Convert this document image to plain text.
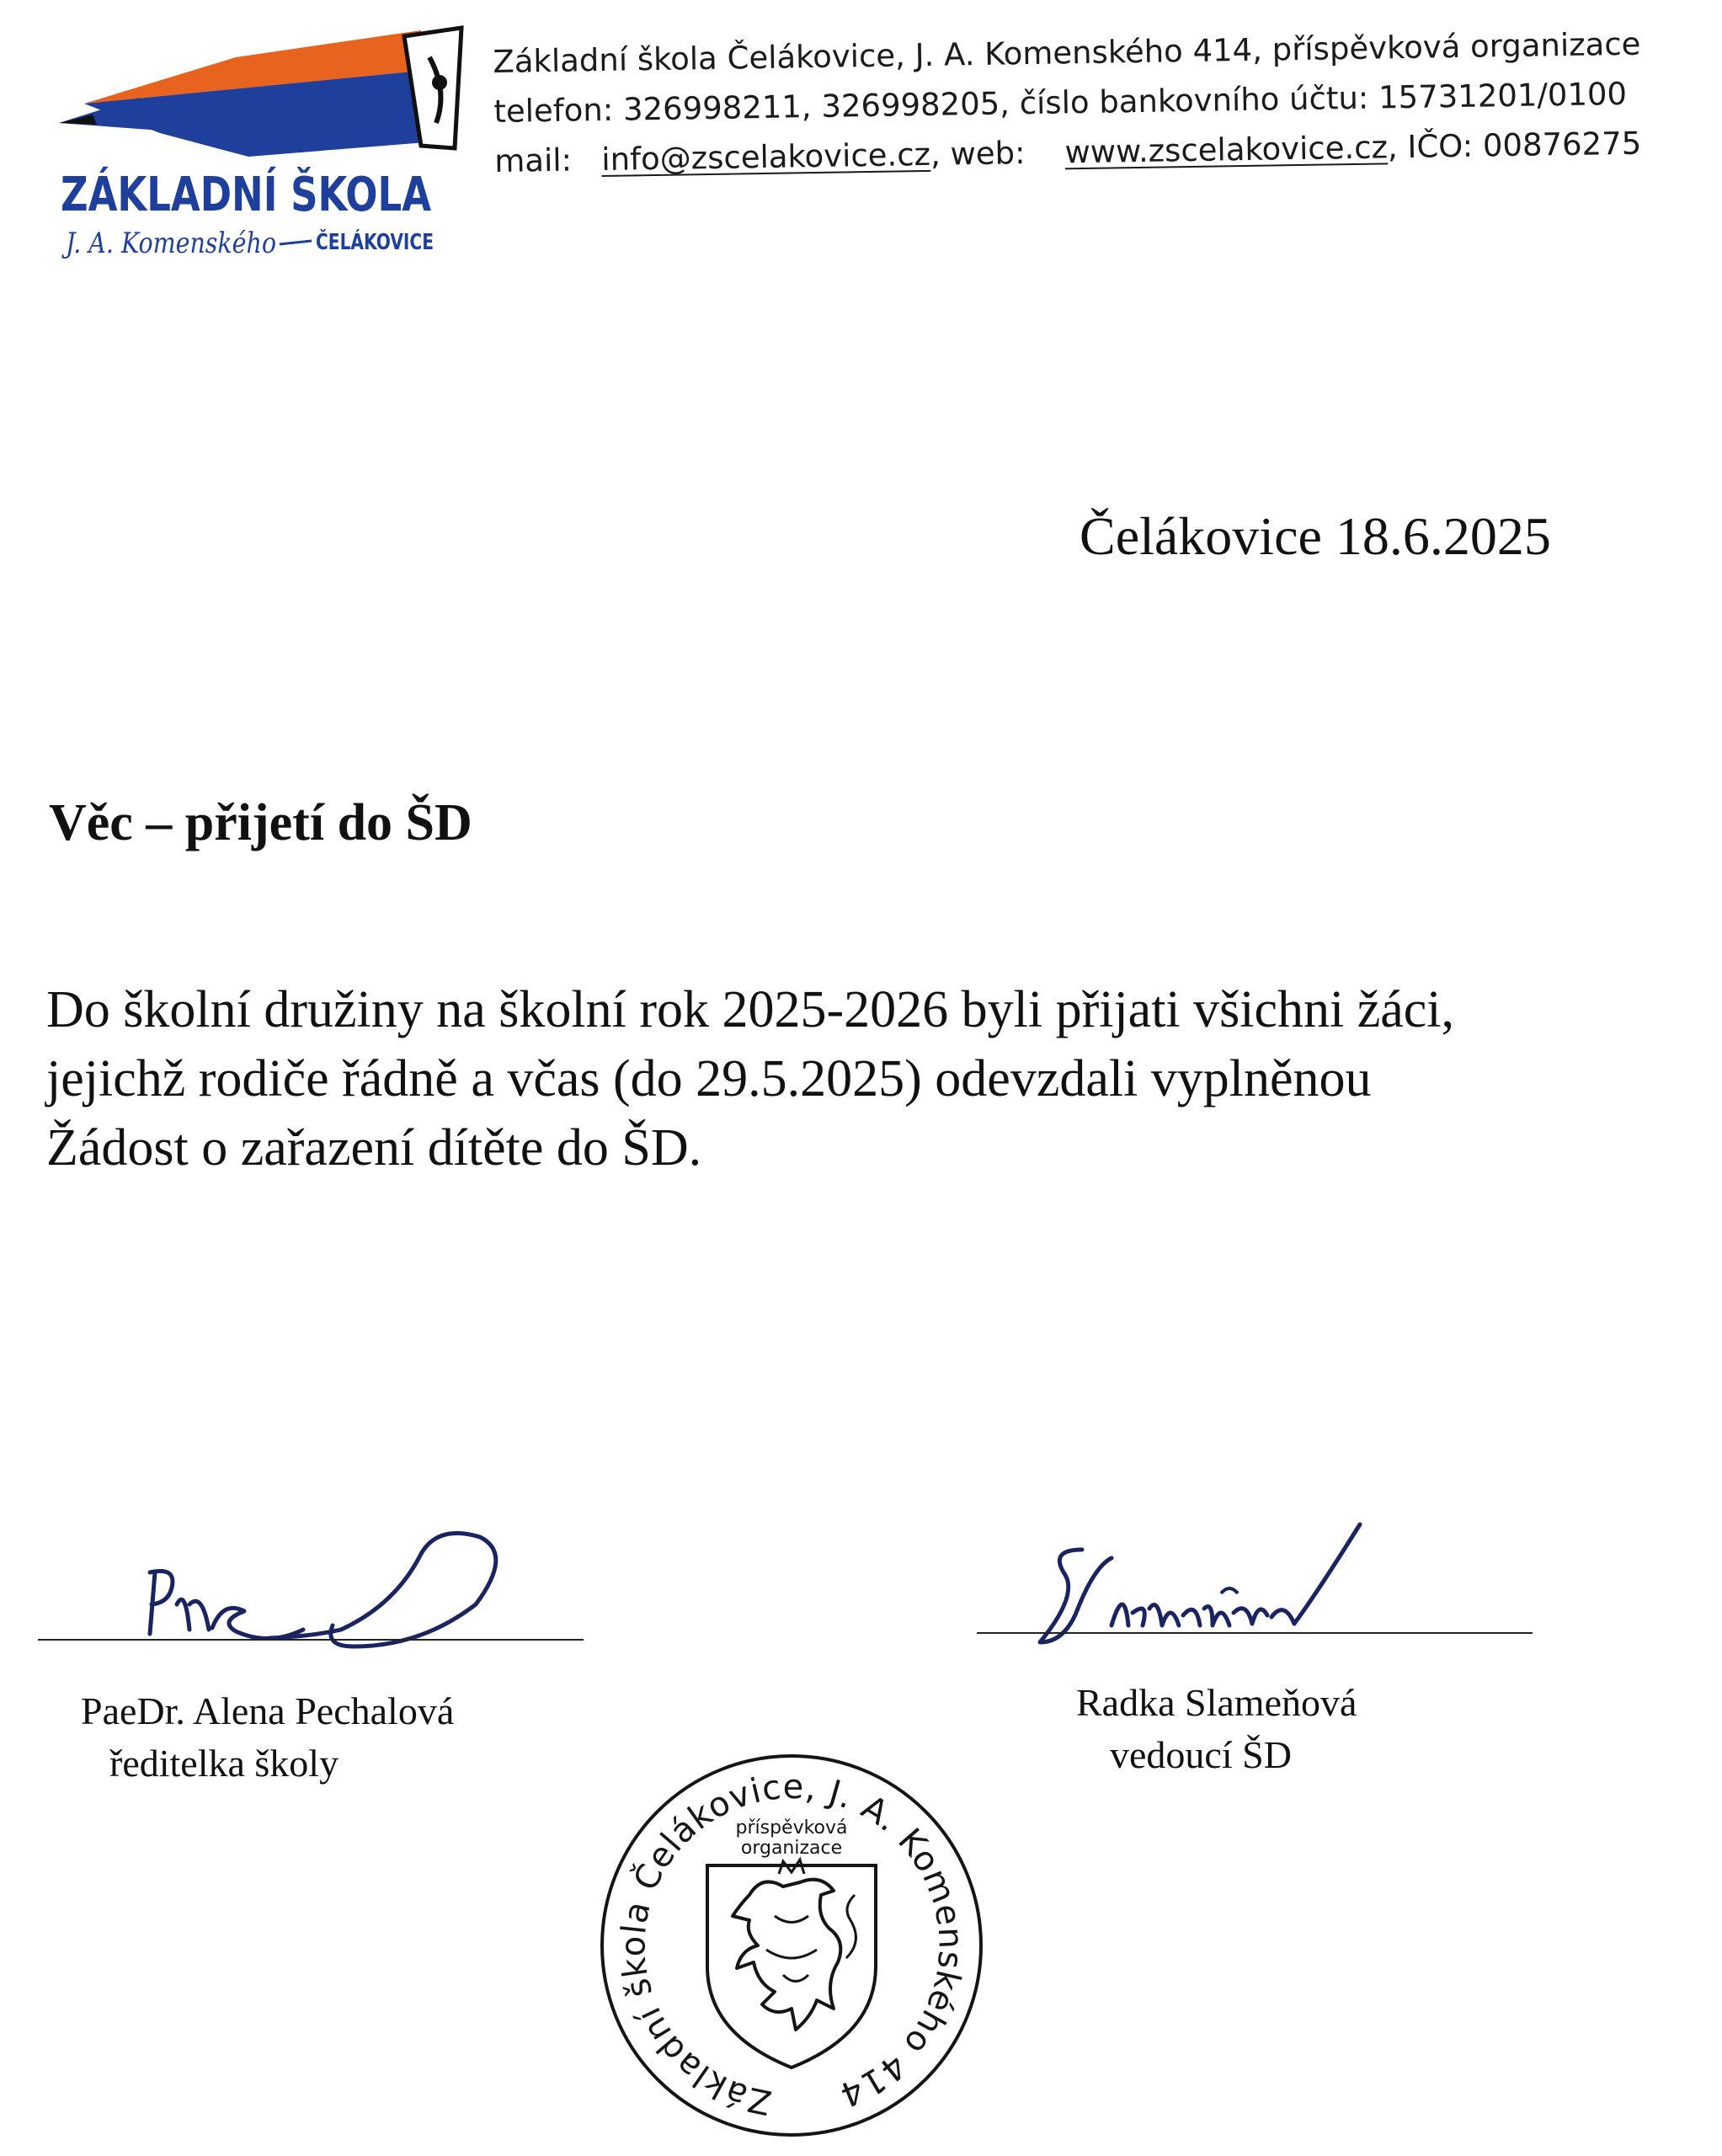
ZÁKLADNÍ ŠKOLA
J. A. Komenského ČELÁKOVICE
Základní škola Čelákovice, J. A. Komenského 414, příspěvková organizace
telefon: 326998211, 326998205, číslo bankovního účtu: 15731201/0100
mail: info@zscelakovice.cz, web: www.zscelakovice.cz, IČO: 00876275
Čelákovice 18.6.2025
Věc – přijetí do ŠD
Do školní družiny na školní rok 2025-2026 byli přijati všichni žáci,
jejichž rodiče řádně a včas (do 29.5.2025) odevzdali vyplněnou
Žádost o zařazení dítěte do ŠD.
PaeDr. Alena Pechalová
ředitelka školy
Radka Slameňová
vedoucí ŠD
Základní škola Čelákovice, J. A. Komenského 414
příspěvková
organizace
